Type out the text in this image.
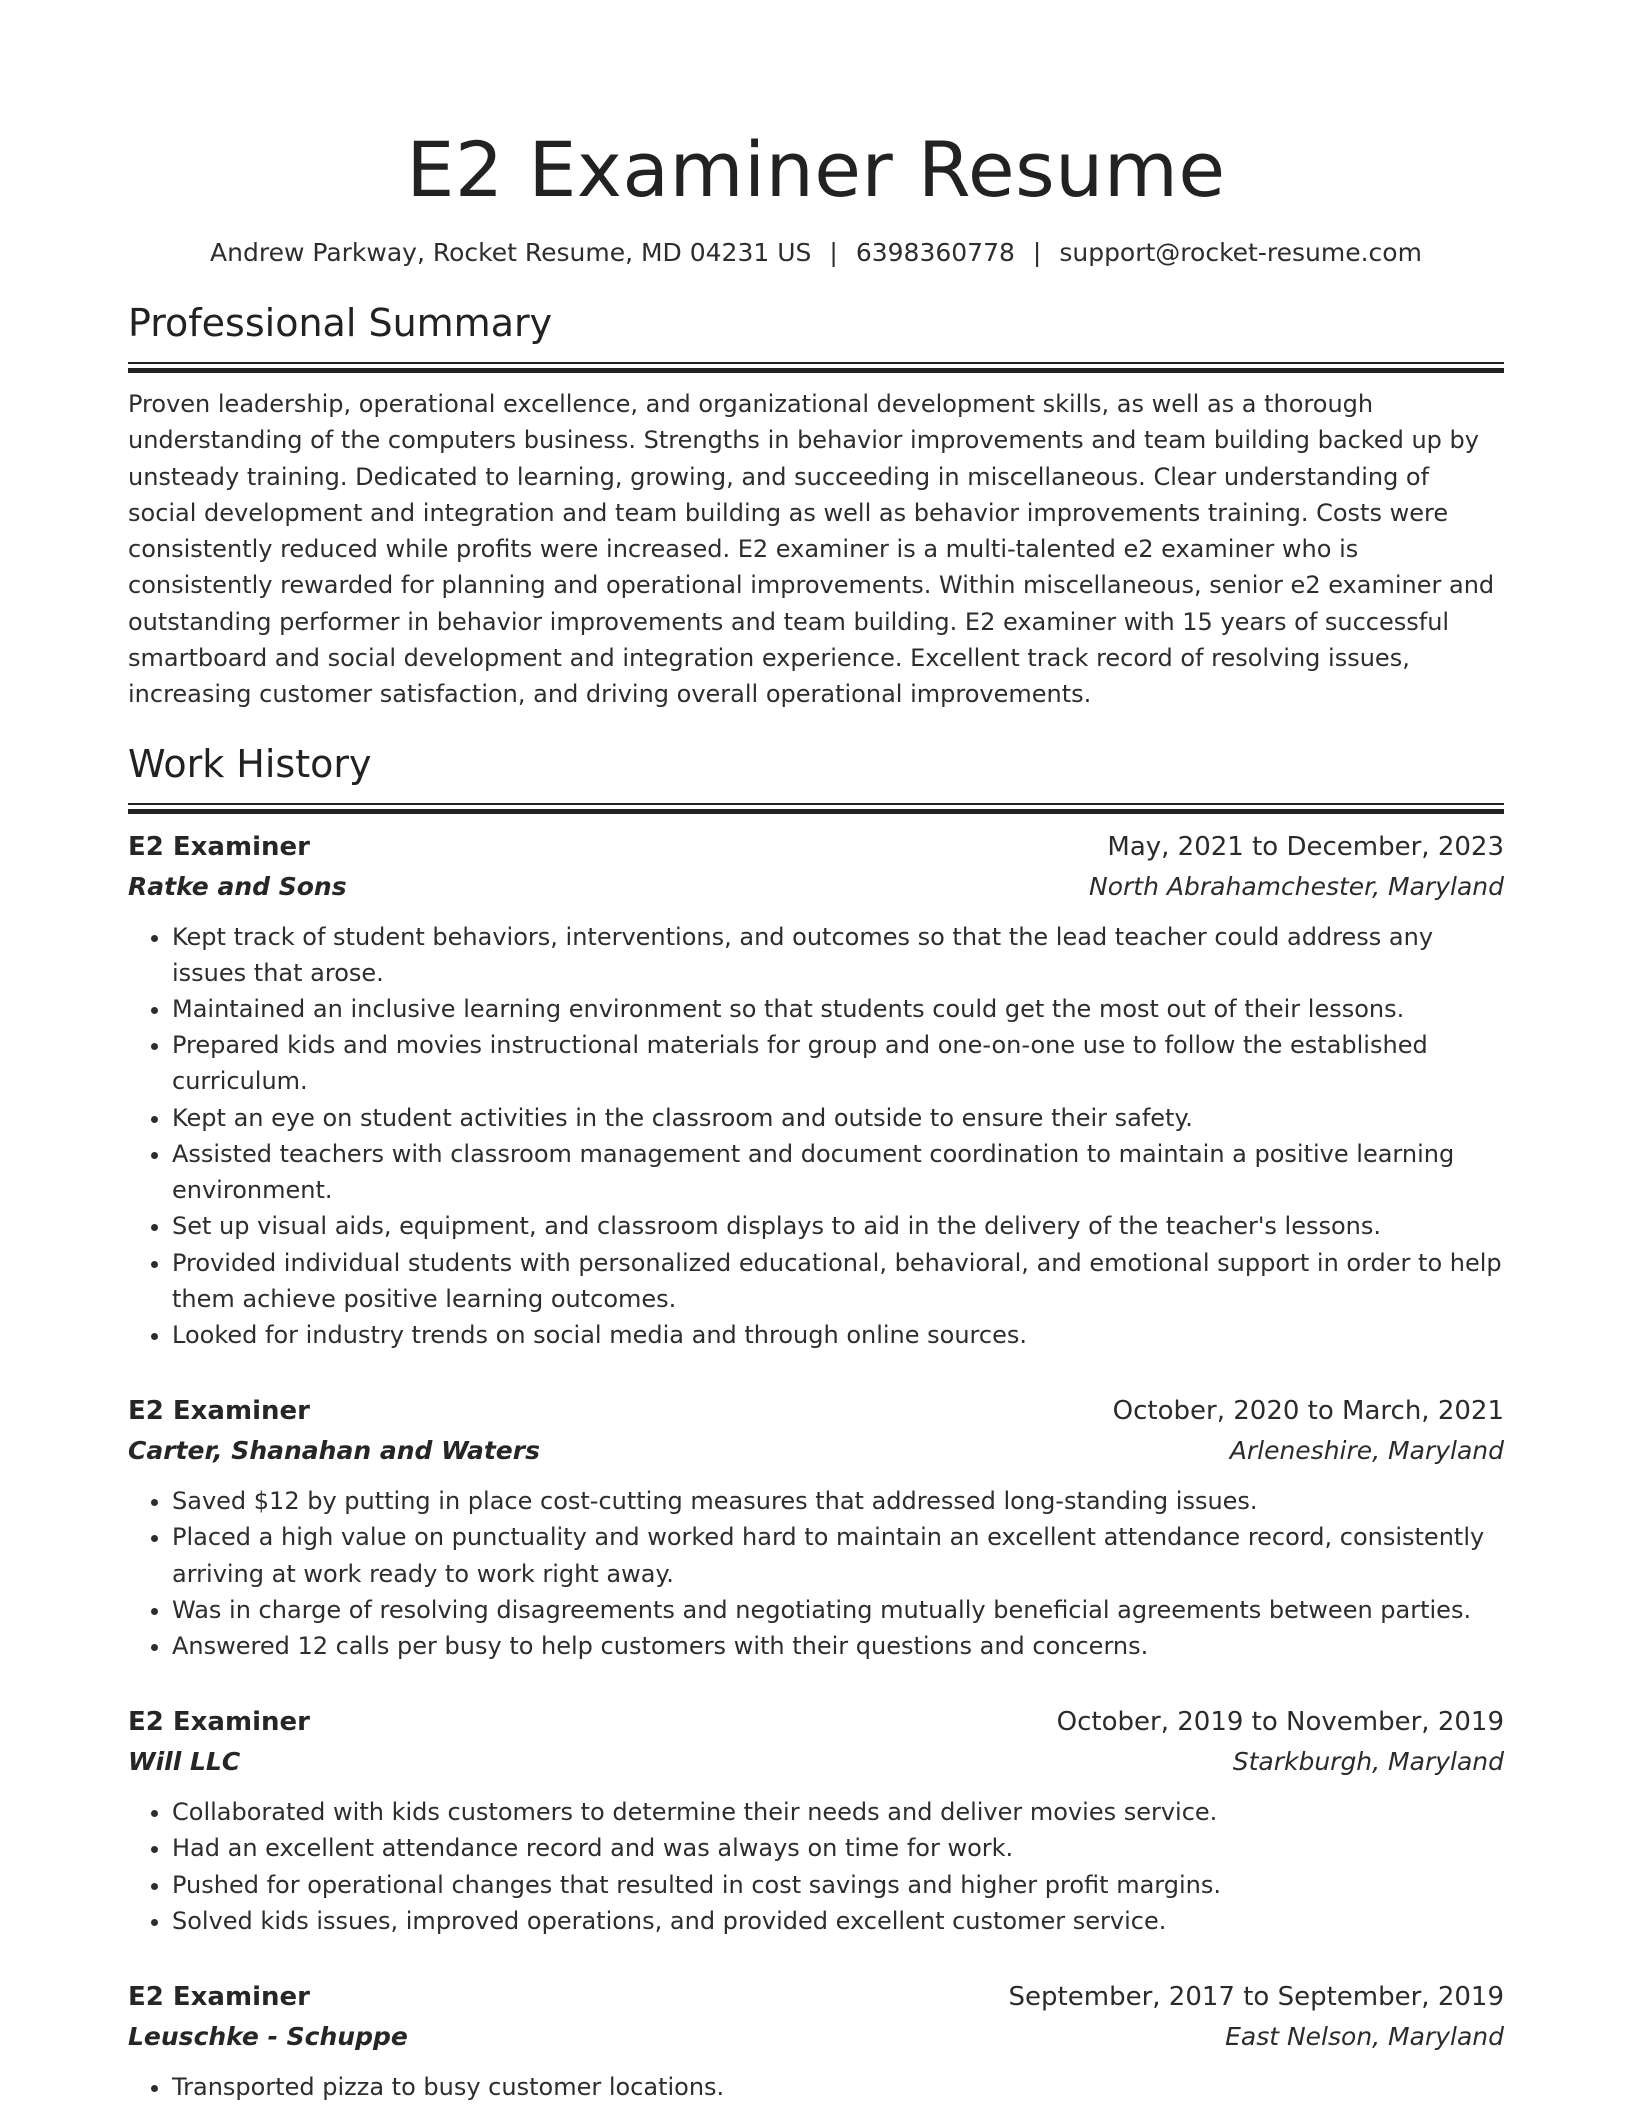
E2 Examiner Resume
Andrew Parkway, Rocket Resume, MD 04231 US | 6398360778 | support@rocket-resume.com
Professional Summary

Proven leadership, operational excellence, and organizational development skills, as well as a thorough understanding of the computers business. Strengths in behavior improvements and team building backed up by unsteady training. Dedicated to learning, growing, and succeeding in miscellaneous. Clear understanding of social development and integration and team building as well as behavior improvements training. Costs were consistently reduced while profits were increased. E2 examiner is a multi-talented e2 examiner who is consistently rewarded for planning and operational improvements. Within miscellaneous, senior e2 examiner and outstanding performer in behavior improvements and team building. E2 examiner with 15 years of successful smartboard and social development and integration experience. Excellent track record of resolving issues, increasing customer satisfaction, and driving overall operational improvements.

Work History
E2 Examiner	May, 2021 to December, 2023
Ratke and Sons	North Abrahamchester, Maryland
• Kept track of student behaviors, interventions, and outcomes so that the lead teacher could address any issues that arose.
• Maintained an inclusive learning environment so that students could get the most out of their lessons.
• Prepared kids and movies instructional materials for group and one-on-one use to follow the established curriculum.
• Kept an eye on student activities in the classroom and outside to ensure their safety.
• Assisted teachers with classroom management and document coordination to maintain a positive learning environment.
• Set up visual aids, equipment, and classroom displays to aid in the delivery of the teacher's lessons.
• Provided individual students with personalized educational, behavioral, and emotional support in order to help them achieve positive learning outcomes.
• Looked for industry trends on social media and through online sources.
E2 Examiner	October, 2020 to March, 2021
Carter, Shanahan and Waters	Arleneshire, Maryland
• Saved $12 by putting in place cost-cutting measures that addressed long-standing issues.
• Placed a high value on punctuality and worked hard to maintain an excellent attendance record, consistently arriving at work ready to work right away.
• Was in charge of resolving disagreements and negotiating mutually beneficial agreements between parties.
• Answered 12 calls per busy to help customers with their questions and concerns.
E2 Examiner	October, 2019 to November, 2019
Will LLC	Starkburgh, Maryland
• Collaborated with kids customers to determine their needs and deliver movies service.
• Had an excellent attendance record and was always on time for work.
• Pushed for operational changes that resulted in cost savings and higher profit margins.
• Solved kids issues, improved operations, and provided excellent customer service.
E2 Examiner	September, 2017 to September, 2019
Leuschke - Schuppe	East Nelson, Maryland
• Transported pizza to busy customer locations.
